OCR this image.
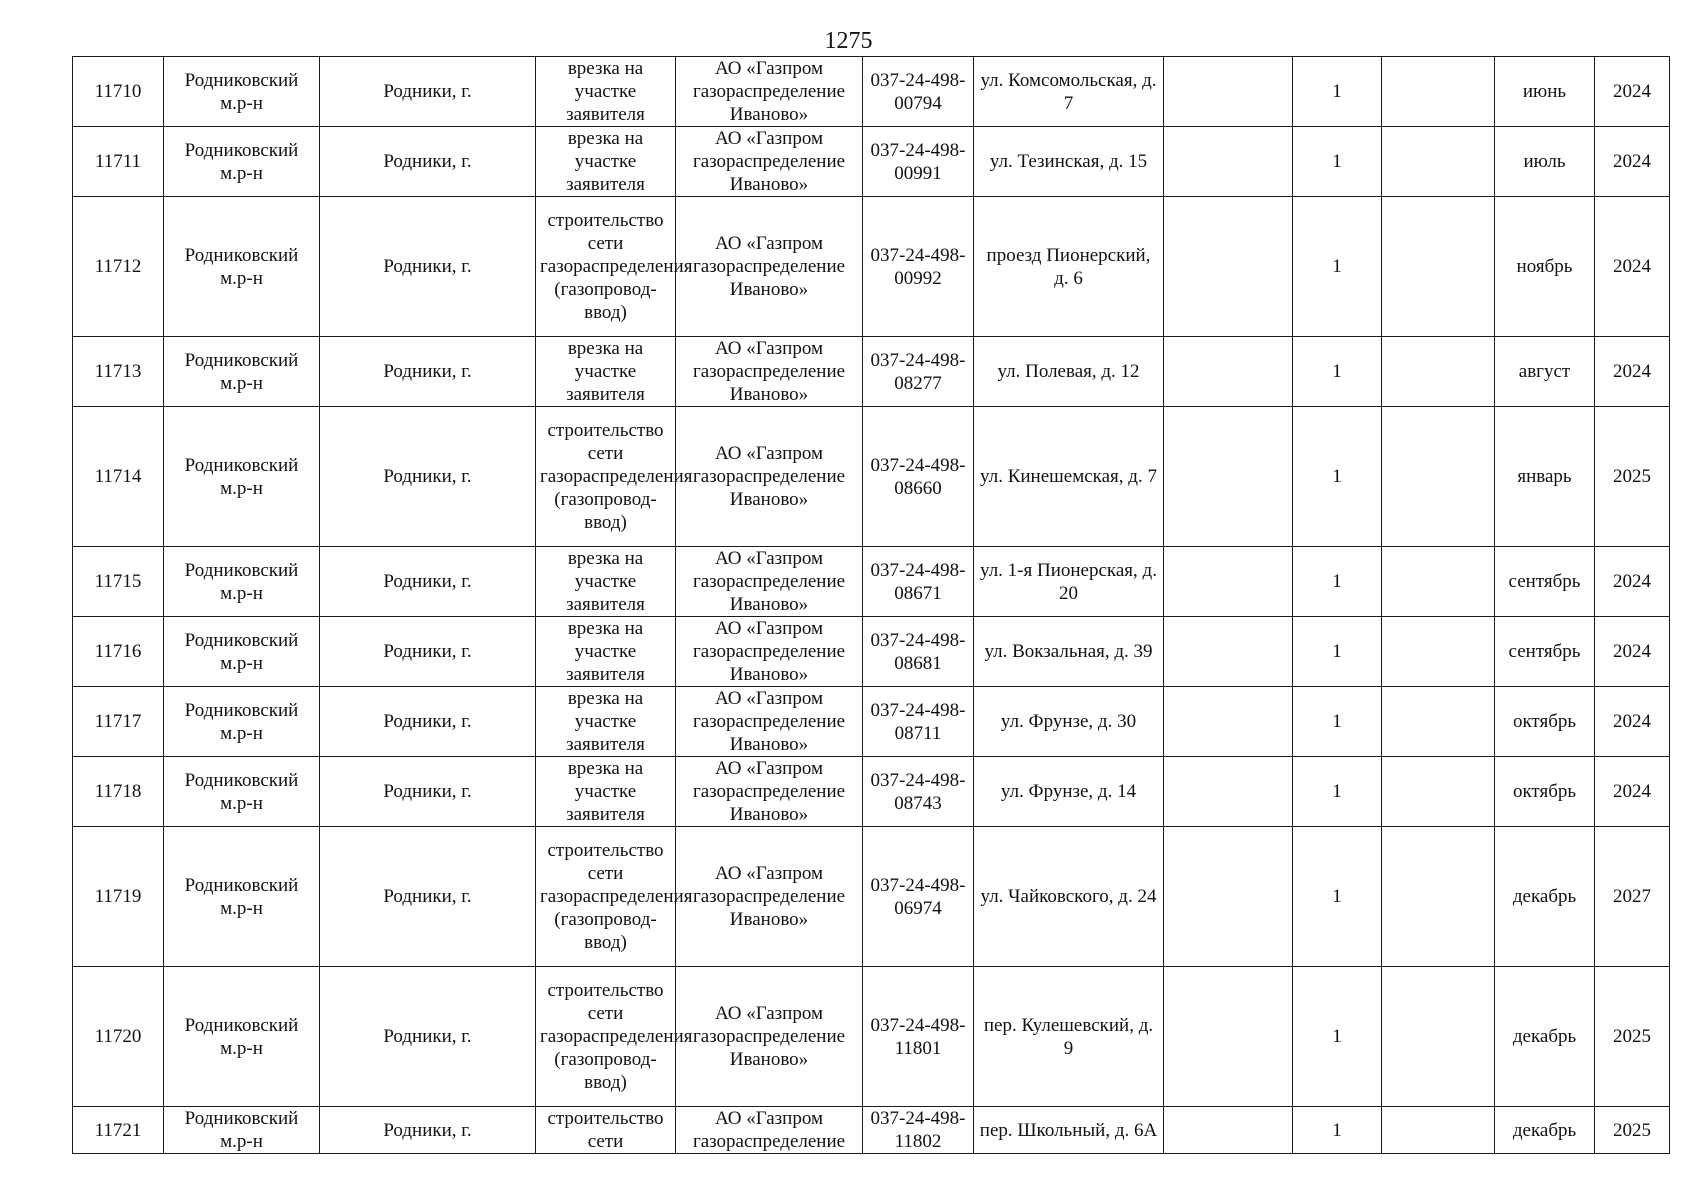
1275
11710	Родниковский м.р-н	Родники, г.	врезка на участке заявителя	АО «Газпром газораспределение Иваново»	037-24-498-00794	ул. Комсомольская, д. 7		1		июнь	2024
11711	Родниковский м.р-н	Родники, г.	врезка на участке заявителя	АО «Газпром газораспределение Иваново»	037-24-498-00991	ул. Тезинская, д. 15		1		июль	2024
11712	Родниковский м.р-н	Родники, г.	строительство сети газораспределения (газопровод-ввод)	АО «Газпром газораспределение Иваново»	037-24-498-00992	проезд Пионерский, д. 6		1		ноябрь	2024
11713	Родниковский м.р-н	Родники, г.	врезка на участке заявителя	АО «Газпром газораспределение Иваново»	037-24-498-08277	ул. Полевая, д. 12		1		август	2024
11714	Родниковский м.р-н	Родники, г.	строительство сети газораспределения (газопровод-ввод)	АО «Газпром газораспределение Иваново»	037-24-498-08660	ул. Кинешемская, д. 7		1		январь	2025
11715	Родниковский м.р-н	Родники, г.	врезка на участке заявителя	АО «Газпром газораспределение Иваново»	037-24-498-08671	ул. 1-я Пионерская, д. 20		1		сентябрь	2024
11716	Родниковский м.р-н	Родники, г.	врезка на участке заявителя	АО «Газпром газораспределение Иваново»	037-24-498-08681	ул. Вокзальная, д. 39		1		сентябрь	2024
11717	Родниковский м.р-н	Родники, г.	врезка на участке заявителя	АО «Газпром газораспределение Иваново»	037-24-498-08711	ул. Фрунзе, д. 30		1		октябрь	2024
11718	Родниковский м.р-н	Родники, г.	врезка на участке заявителя	АО «Газпром газораспределение Иваново»	037-24-498-08743	ул. Фрунзе, д. 14		1		октябрь	2024
11719	Родниковский м.р-н	Родники, г.	строительство сети газораспределения (газопровод-ввод)	АО «Газпром газораспределение Иваново»	037-24-498-06974	ул. Чайковского, д. 24		1		декабрь	2027
11720	Родниковский м.р-н	Родники, г.	строительство сети газораспределения (газопровод-ввод)	АО «Газпром газораспределение Иваново»	037-24-498-11801	пер. Кулешевский, д. 9		1		декабрь	2025
11721	Родниковский м.р-н	Родники, г.	строительство сети	АО «Газпром газораспределение	037-24-498-11802	пер. Школьный, д. 6А		1		декабрь	2025
